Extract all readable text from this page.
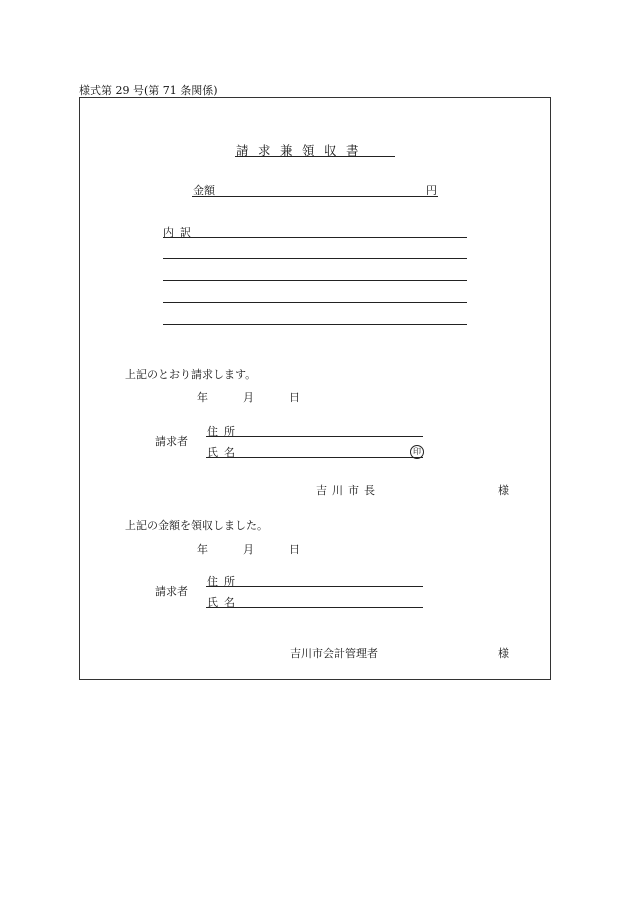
様式第 29 号(第 71 条関係)
請求兼領収書
金額	円
内訳
上記のとおり請求します。
年	月	日
請求者
住所
氏名	印
吉川市長	様
上記の金額を領収しました。
年	月	日
請求者
住所
氏名
吉川市会計管理者	様
